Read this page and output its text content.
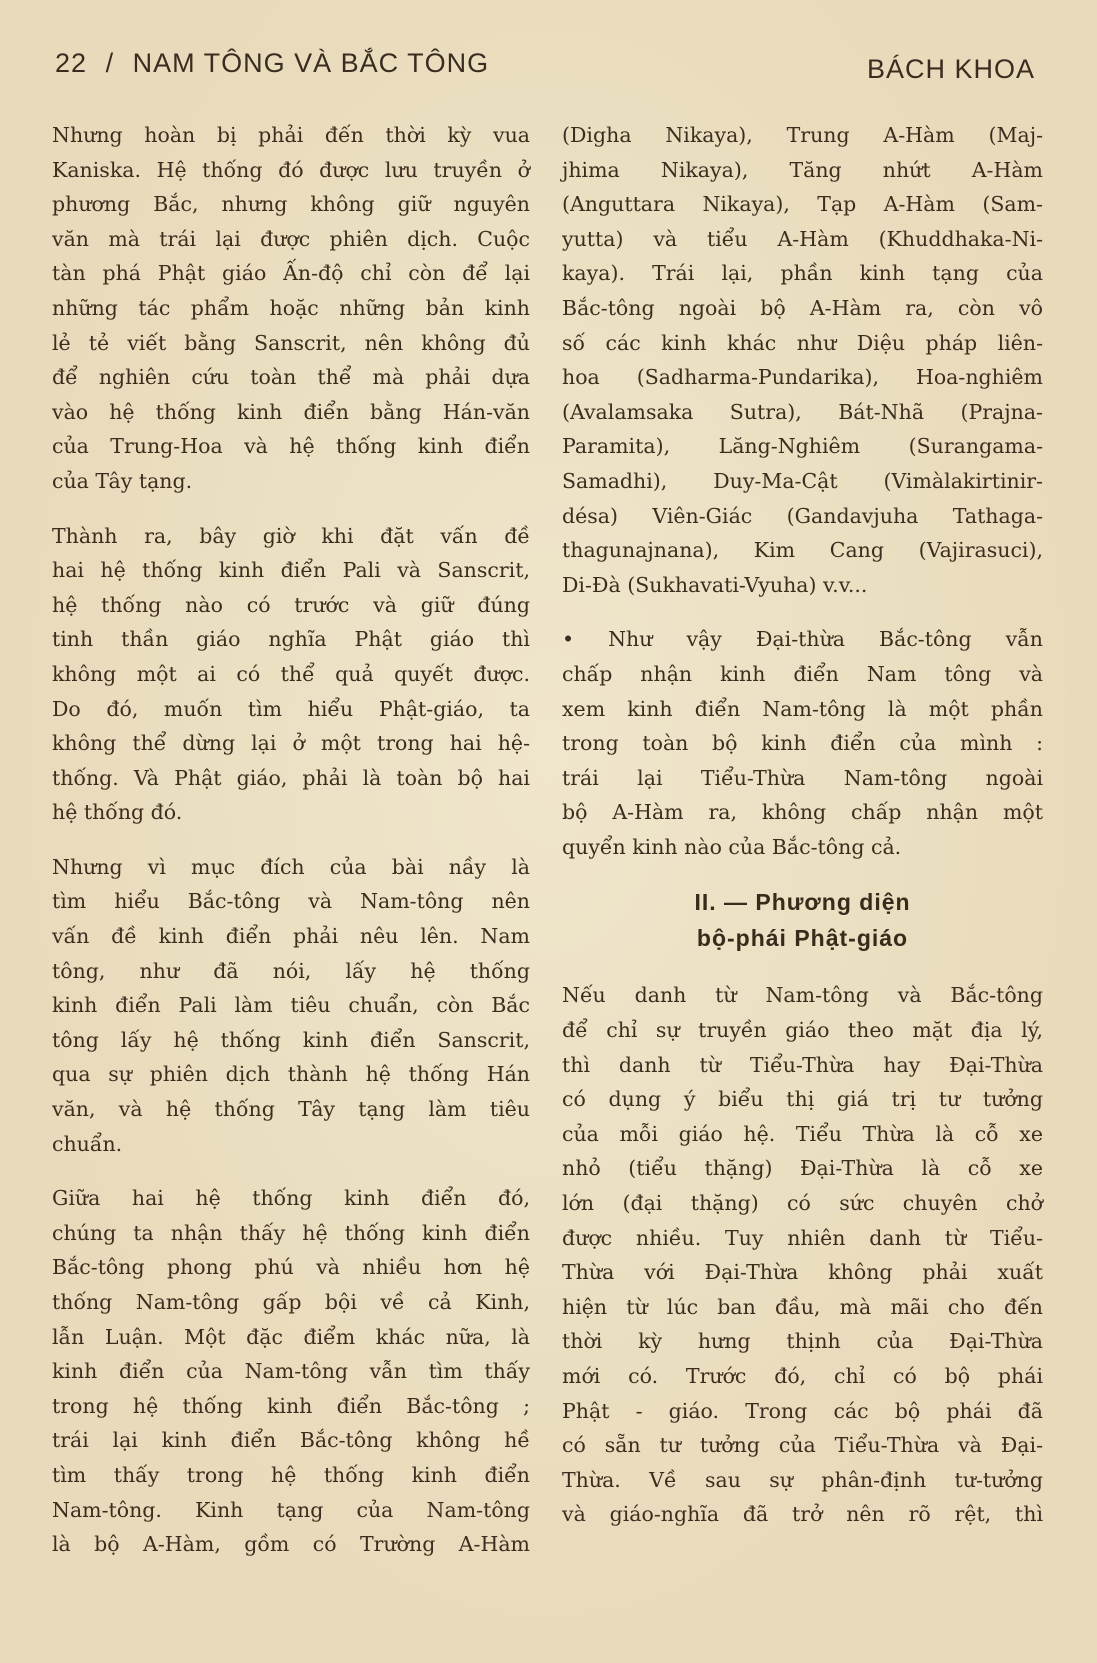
22 / NAM TÔNG VÀ BẮC TÔNG	BÁCH KHOA
Nhưng hoàn bị phải đến thời kỳ vua
Kaniska. Hệ thống đó được lưu truyền ở
phương Bắc, nhưng không giữ nguyên
văn mà trái lại được phiên dịch. Cuộc
tàn phá Phật giáo Ấn-độ chỉ còn để lại
những tác phẩm hoặc những bản kinh
lẻ tẻ viết bằng Sanscrit, nên không đủ
để nghiên cứu toàn thể mà phải dựa
vào hệ thống kinh điển bằng Hán-văn
của Trung-Hoa và hệ thống kinh điển
của Tây tạng.
Thành ra, bây giờ khi đặt vấn đề
hai hệ thống kinh điển Pali và Sanscrit,
hệ thống nào có trước và giữ đúng
tinh thần giáo nghĩa Phật giáo thì
không một ai có thể quả quyết được.
Do đó, muốn tìm hiểu Phật-giáo, ta
không thể dừng lại ở một trong hai hệ-
thống. Và Phật giáo, phải là toàn bộ hai
hệ thống đó.
Nhưng vì mục đích của bài nầy là
tìm hiểu Bắc-tông và Nam-tông nên
vấn đề kinh điển phải nêu lên. Nam
tông, như đã nói, lấy hệ thống
kinh điển Pali làm tiêu chuẩn, còn Bắc
tông lấy hệ thống kinh điển Sanscrit,
qua sự phiên dịch thành hệ thống Hán
văn, và hệ thống Tây tạng làm tiêu
chuẩn.
Giữa hai hệ thống kinh điển đó,
chúng ta nhận thấy hệ thống kinh điển
Bắc-tông phong phú và nhiều hơn hệ
thống Nam-tông gấp bội về cả Kinh,
lẫn Luận. Một đặc điểm khác nữa, là
kinh điển của Nam-tông vẫn tìm thấy
trong hệ thống kinh điển Bắc-tông ;
trái lại kinh điển Bắc-tông không hề
tìm thấy trong hệ thống kinh điển
Nam-tông. Kinh tạng của Nam-tông
là bộ A-Hàm, gồm có Trường A-Hàm
(Digha Nikaya), Trung A-Hàm (Maj-
jhima Nikaya), Tăng nhứt A-Hàm
(Anguttara Nikaya), Tạp A-Hàm (Sam-
yutta) và tiểu A-Hàm (Khuddhaka-Ni-
kaya). Trái lại, phần kinh tạng của
Bắc-tông ngoài bộ A-Hàm ra, còn vô
số các kinh khác như Diệu pháp liên-
hoa (Sadharma-Pundarika), Hoa-nghiêm
(Avalamsaka Sutra), Bát-Nhã (Prajna-
Paramita), Lăng-Nghiêm (Surangama-
Samadhi), Duy-Ma-Cật (Vimàlakirtinir-
désa) Viên-Giác (Gandavjuha Tathaga-
thagunajnana), Kim Cang (Vajirasuci),
Di-Đà (Sukhavati-Vyuha) v.v...
• Như vậy Đại-thừa Bắc-tông vẫn
chấp nhận kinh điển Nam tông và
xem kinh điển Nam-tông là một phần
trong toàn bộ kinh điển của mình :
trái lại Tiểu-Thừa Nam-tông ngoài
bộ A-Hàm ra, không chấp nhận một
quyển kinh nào của Bắc-tông cả.
II. — Phương diện
bộ-phái Phật-giáo
Nếu danh từ Nam-tông và Bắc-tông
để chỉ sự truyền giáo theo mặt địa lý,
thì danh từ Tiểu-Thừa hay Đại-Thừa
có dụng ý biểu thị giá trị tư tưởng
của mỗi giáo hệ. Tiểu Thừa là cỗ xe
nhỏ (tiểu thặng) Đại-Thừa là cỗ xe
lớn (đại thặng) có sức chuyên chở
được nhiều. Tuy nhiên danh từ Tiểu-
Thừa với Đại-Thừa không phải xuất
hiện từ lúc ban đầu, mà mãi cho đến
thời kỳ hưng thịnh của Đại-Thừa
mới có. Trước đó, chỉ có bộ phái
Phật - giáo. Trong các bộ phái đã
có sẵn tư tưởng của Tiểu-Thừa và Đại-
Thừa. Về sau sự phân-định tư-tưởng
và giáo-nghĩa đã trở nên rõ rệt, thì
